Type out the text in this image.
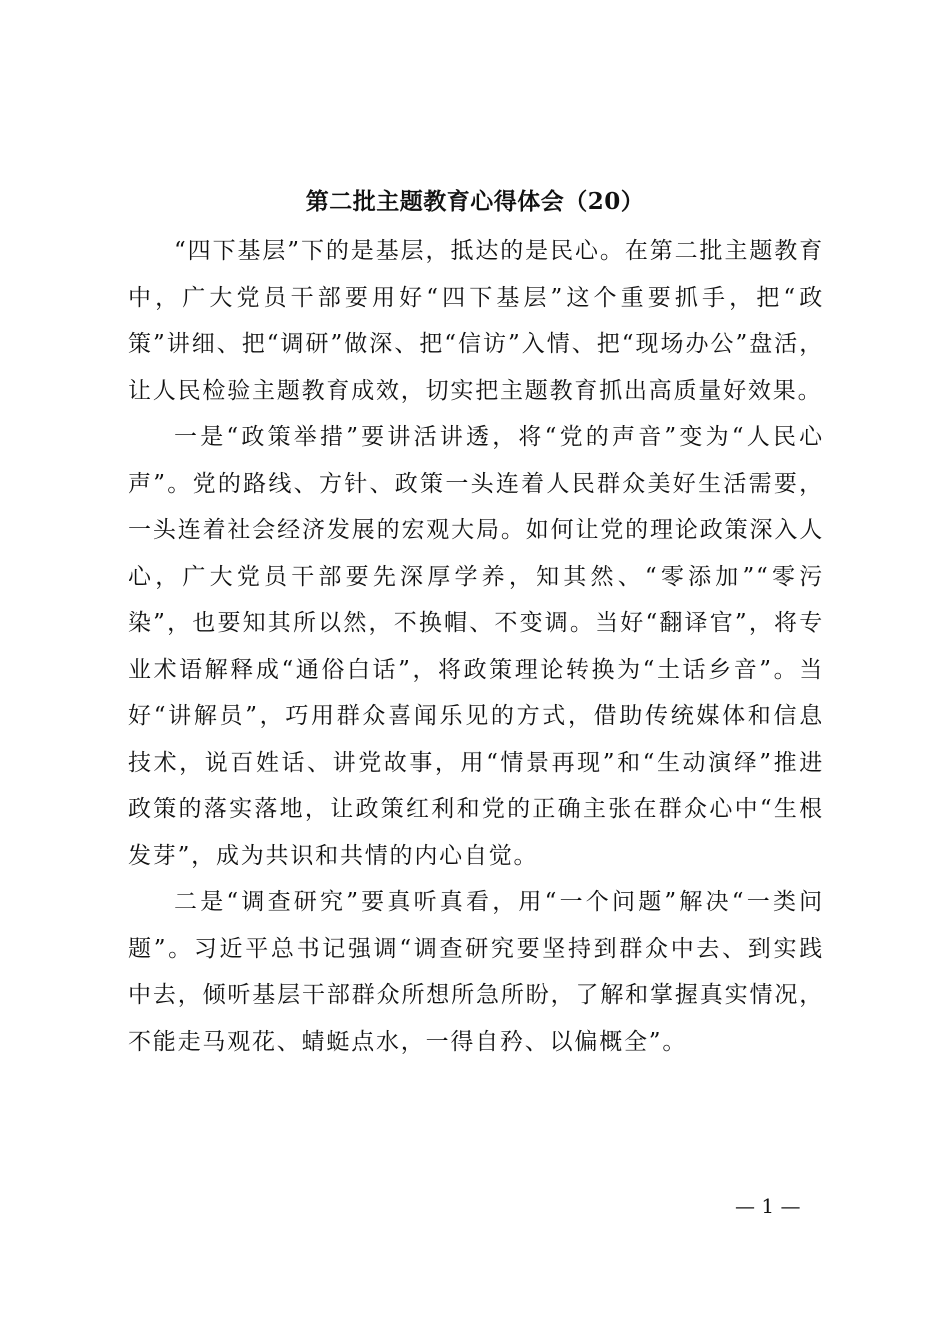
第二批主题教育心得体会（20）

“四下基层”下的是基层，抵达的是民心。在第二批主题教育中，广大党员干部要用好“四下基层”这个重要抓手，把“政策”讲细、把“调研”做深、把“信访”入情、把“现场办公”盘活，让人民检验主题教育成效，切实把主题教育抓出高质量好效果。

一是“政策举措”要讲活讲透，将“党的声音”变为“人民心声”。党的路线、方针、政策一头连着人民群众美好生活需要，一头连着社会经济发展的宏观大局。如何让党的理论政策深入人心，广大党员干部要先深厚学养，知其然、“零添加”“零污染”，也要知其所以然，不换帽、不变调。当好“翻译官”，将专业术语解释成“通俗白话”，将政策理论转换为“土话乡音”。当好“讲解员”，巧用群众喜闻乐见的方式，借助传统媒体和信息技术，说百姓话、讲党故事，用“情景再现”和“生动演绎”推进政策的落实落地，让政策红利和党的正确主张在群众心中“生根发芽”，成为共识和共情的内心自觉。

二是“调查研究”要真听真看，用“一个问题”解决“一类问题”。习近平总书记强调“调查研究要坚持到群众中去、到实践中去，倾听基层干部群众所想所急所盼，了解和掌握真实情况，不能走马观花、蜻蜓点水，一得自矜、以偏概全”。

— 1 —
